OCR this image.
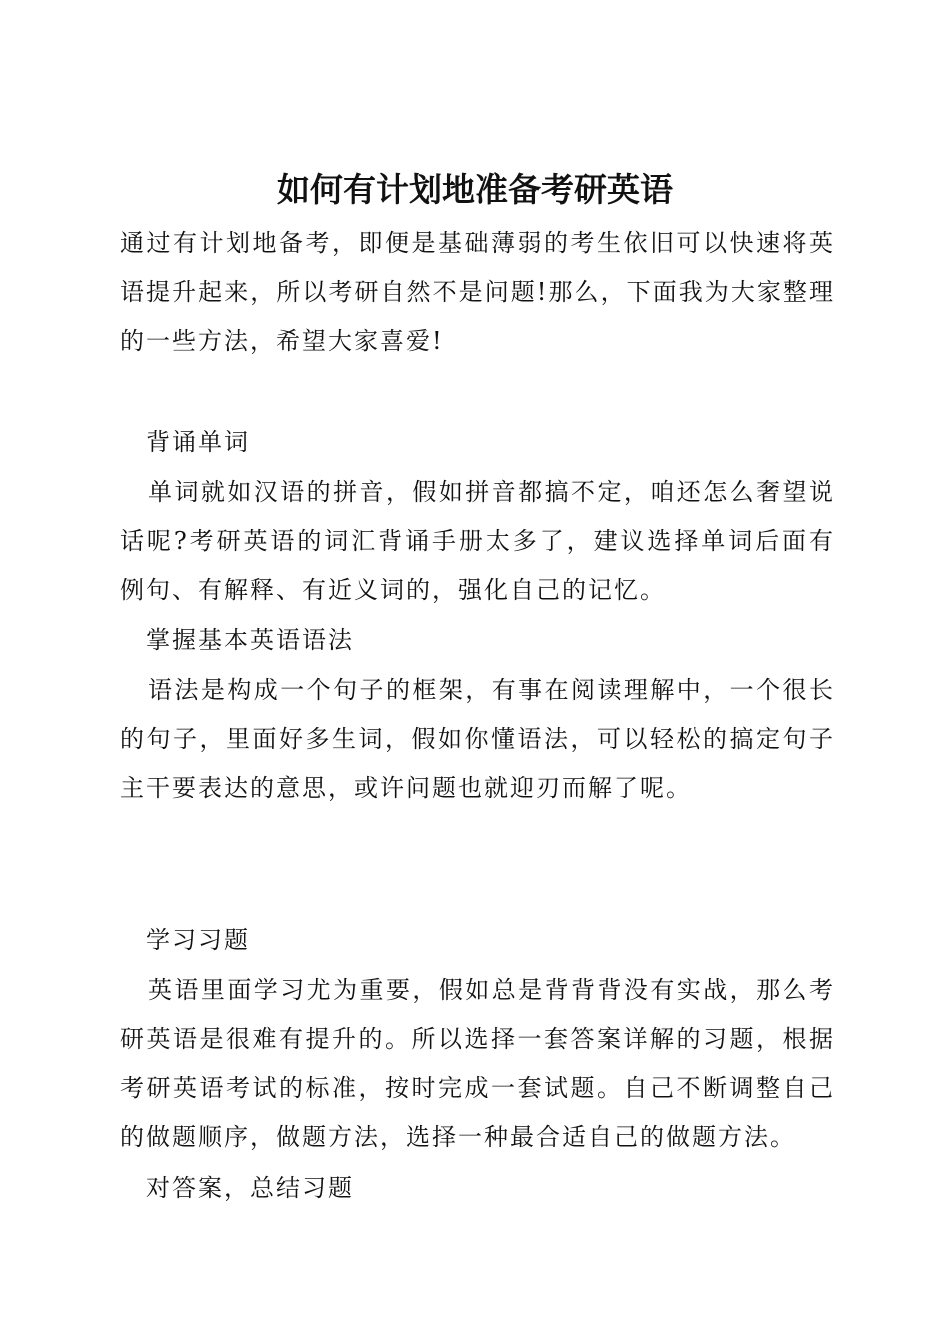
如何有计划地准备考研英语

通过有计划地备考，即便是基础薄弱的考生依旧可以快速将英语提升起来，所以考研自然不是问题!那么，下面我为大家整理的一些方法，希望大家喜爱!

背诵单词

单词就如汉语的拼音，假如拼音都搞不定，咱还怎么奢望说话呢?考研英语的词汇背诵手册太多了，建议选择单词后面有例句、有解释、有近义词的，强化自己的记忆。

掌握基本英语语法

语法是构成一个句子的框架，有事在阅读理解中，一个很长的句子，里面好多生词，假如你懂语法，可以轻松的搞定句子主干要表达的意思，或许问题也就迎刃而解了呢。

学习习题

英语里面学习尤为重要，假如总是背背背没有实战，那么考研英语是很难有提升的。所以选择一套答案详解的习题，根据考研英语考试的标准，按时完成一套试题。自己不断调整自己的做题顺序，做题方法，选择一种最合适自己的做题方法。

对答案，总结习题
